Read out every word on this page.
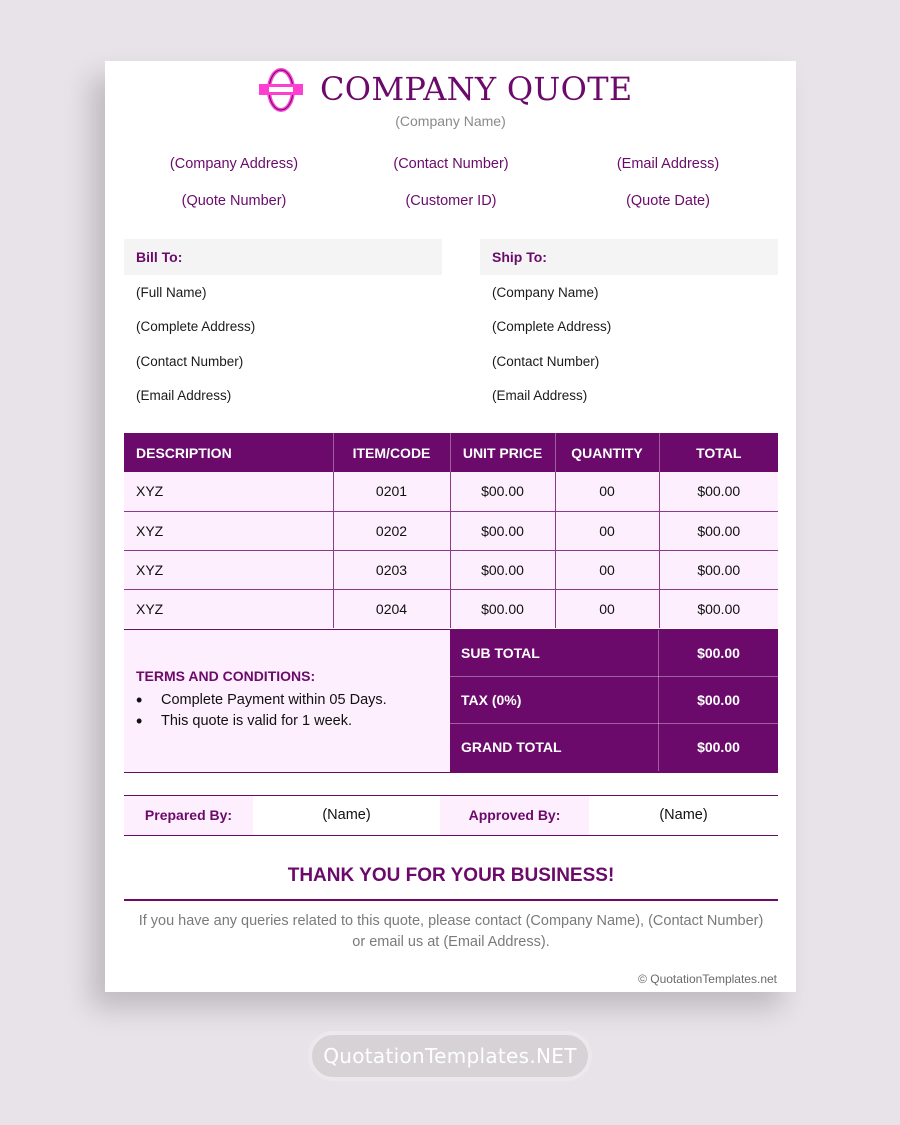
COMPANY QUOTE
(Company Name)
(Company Address)	(Contact Number)	(Email Address)
(Quote Number)	(Customer ID)	(Quote Date)
Bill To:
(Full Name)
(Complete Address)
(Contact Number)
(Email Address)
Ship To:
(Company Name)
(Complete Address)
(Contact Number)
(Email Address)
DESCRIPTION	ITEM/CODE	UNIT PRICE	QUANTITY	TOTAL
XYZ	0201	$00.00	00	$00.00
XYZ	0202	$00.00	00	$00.00
XYZ	0203	$00.00	00	$00.00
XYZ	0204	$00.00	00	$00.00
TERMS AND CONDITIONS:
• Complete Payment within 05 Days.
• This quote is valid for 1 week.
SUB TOTAL	$00.00
TAX (0%)	$00.00
GRAND TOTAL	$00.00
Prepared By:	(Name)	Approved By:	(Name)
THANK YOU FOR YOUR BUSINESS!
If you have any queries related to this quote, please contact (Company Name), (Contact Number) or email us at (Email Address).
© QuotationTemplates.net
QuotationTemplates.NET
